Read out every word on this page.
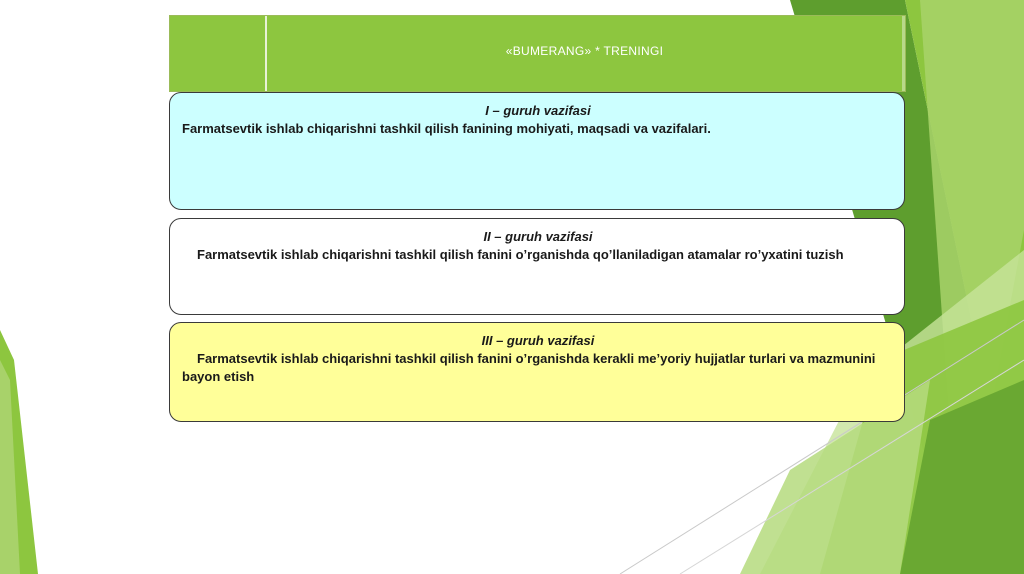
«BUMERANG» * TRENINGI
I – guruh vazifasi
Farmatsevtik ishlab chiqarishni tashkil qilish fanining mohiyati, maqsadi va vazifalari.
II – guruh vazifasi
Farmatsevtik ishlab chiqarishni tashkil qilish fanini o’rganishda qo’llaniladigan atamalar ro’yxatini tuzish
III – guruh vazifasi
Farmatsevtik ishlab chiqarishni tashkil qilish fanini o’rganishda kerakli me’yoriy hujjatlar turlari va mazmunini bayon etish
